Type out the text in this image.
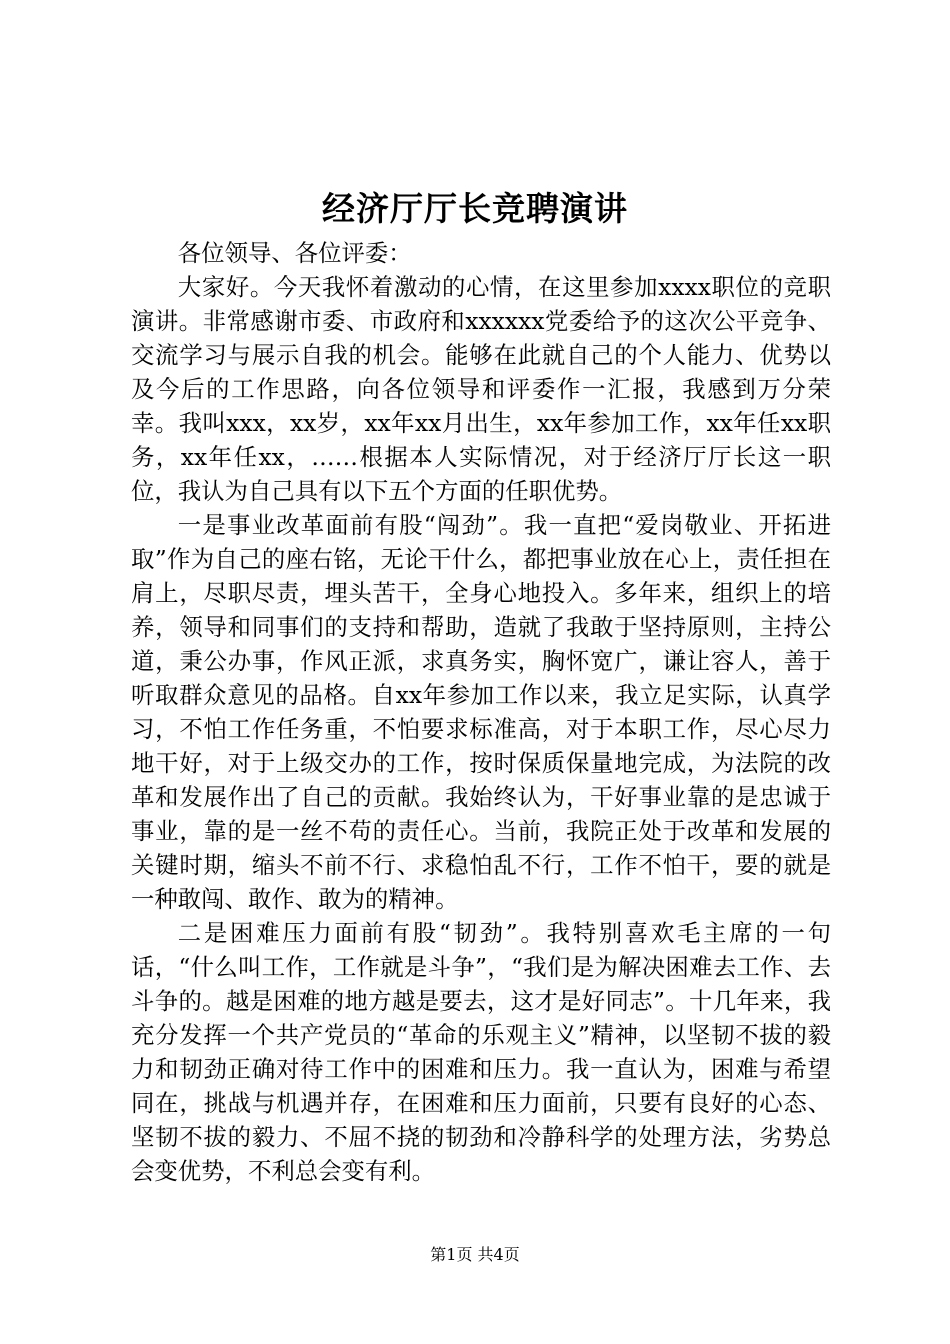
经济厅厅长竞聘演讲

各位领导、各位评委：

大家好。今天我怀着激动的心情，在这里参加xxxx职位的竞职演讲。非常感谢市委、市政府和xxxxxx党委给予的这次公平竞争、交流学习与展示自我的机会。能够在此就自己的个人能力、优势以及今后的工作思路，向各位领导和评委作一汇报，我感到万分荣幸。我叫xxx，xx岁，xx年xx月出生，xx年参加工作，xx年任xx职务，xx年任xx，……根据本人实际情况，对于经济厅厅长这一职位，我认为自己具有以下五个方面的任职优势。

一是事业改革面前有股“闯劲”。我一直把“爱岗敬业、开拓进取”作为自己的座右铭，无论干什么，都把事业放在心上，责任担在肩上，尽职尽责，埋头苦干，全身心地投入。多年来，组织上的培养，领导和同事们的支持和帮助，造就了我敢于坚持原则，主持公道，秉公办事，作风正派，求真务实，胸怀宽广，谦让容人，善于听取群众意见的品格。自xx年参加工作以来，我立足实际，认真学习，不怕工作任务重，不怕要求标准高，对于本职工作，尽心尽力地干好，对于上级交办的工作，按时保质保量地完成，为法院的改革和发展作出了自己的贡献。我始终认为，干好事业靠的是忠诚于事业，靠的是一丝不苟的责任心。当前，我院正处于改革和发展的关键时期，缩头不前不行、求稳怕乱不行，工作不怕干，要的就是一种敢闯、敢作、敢为的精神。

二是困难压力面前有股“韧劲”。我特别喜欢毛主席的一句话，“什么叫工作，工作就是斗争”，“我们是为解决困难去工作、去斗争的。越是困难的地方越是要去，这才是好同志”。十几年来，我充分发挥一个共产党员的“革命的乐观主义”精神，以坚韧不拔的毅力和韧劲正确对待工作中的困难和压力。我一直认为，困难与希望同在，挑战与机遇并存，在困难和压力面前，只要有良好的心态、坚韧不拔的毅力、不屈不挠的韧劲和冷静科学的处理方法，劣势总会变优势，不利总会变有利。

第1页 共4页
